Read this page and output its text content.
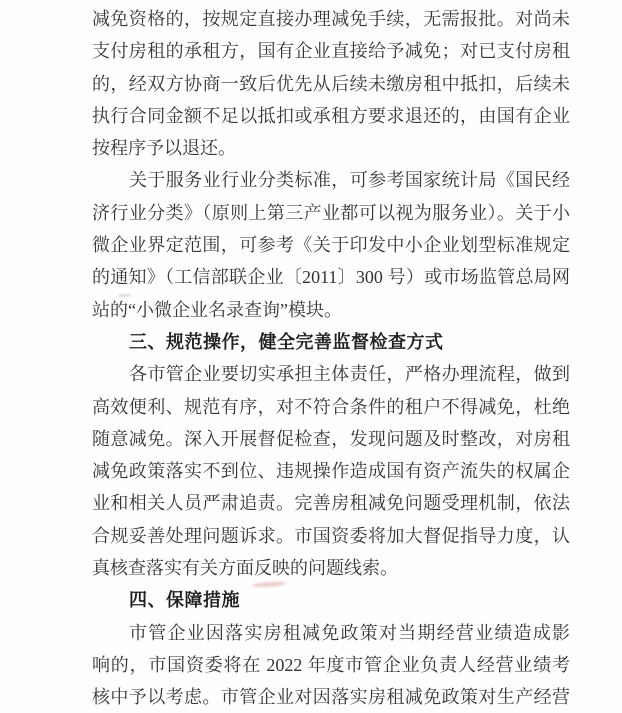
减免资格的，按规定直接办理减免手续，无需报批。对尚未
支付房租的承租方，国有企业直接给予减免；对已支付房租
的，经双方协商一致后优先从后续未缴房租中抵扣，后续未
执行合同金额不足以抵扣或承租方要求退还的，由国有企业
按程序予以退还。
关于服务业行业分类标准，可参考国家统计局《国民经
济行业分类》（原则上第三产业都可以视为服务业）。关于小
微企业界定范围，可参考《关于印发中小企业划型标准规定
的通知》（工信部联企业〔2011〕300 号）或市场监管总局网
站的“小微企业名录查询”模块。
三、规范操作，健全完善监督检查方式
各市管企业要切实承担主体责任，严格办理流程，做到
高效便利、规范有序，对不符合条件的租户不得减免，杜绝
随意减免。深入开展督促检查，发现问题及时整改，对房租
减免政策落实不到位、违规操作造成国有资产流失的权属企
业和相关人员严肃追责。完善房租减免问题受理机制，依法
合规妥善处理问题诉求。市国资委将加大督促指导力度，认
真核查落实有关方面反映的问题线索。
四、保障措施
市管企业因落实房租减免政策对当期经营业绩造成影
响的，市国资委将在 2022 年度市管企业负责人经营业绩考
核中予以考虑。市管企业对因落实房租减免政策对生产经营
